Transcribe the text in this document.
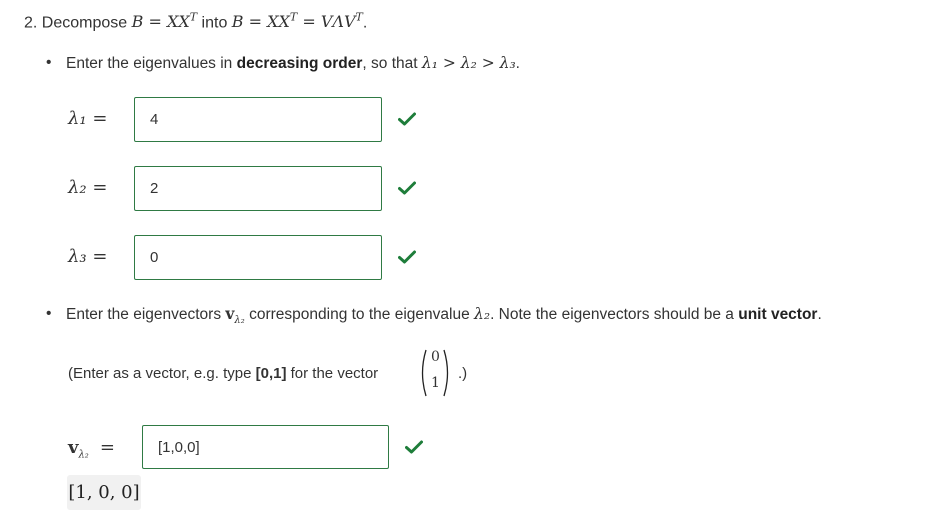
2. Decompose $B = XX^T$ into $B = XX^T = V\Lambda V^T$.
• Enter the eigenvalues in decreasing order, so that λ₁ > λ₂ > λ₃.
λ₁ =	4
λ₂ =	2
λ₃ =	0
• Enter the eigenvectors $v_{\lambda_2}$ corresponding to the eigenvalue λ₂. Note the eigenvectors should be a unit vector.
(Enter as a vector, e.g. type [0,1] for the vector
0
1
.)
$v_{\lambda_2}$ =	[1,0,0]
[1, 0, 0]
